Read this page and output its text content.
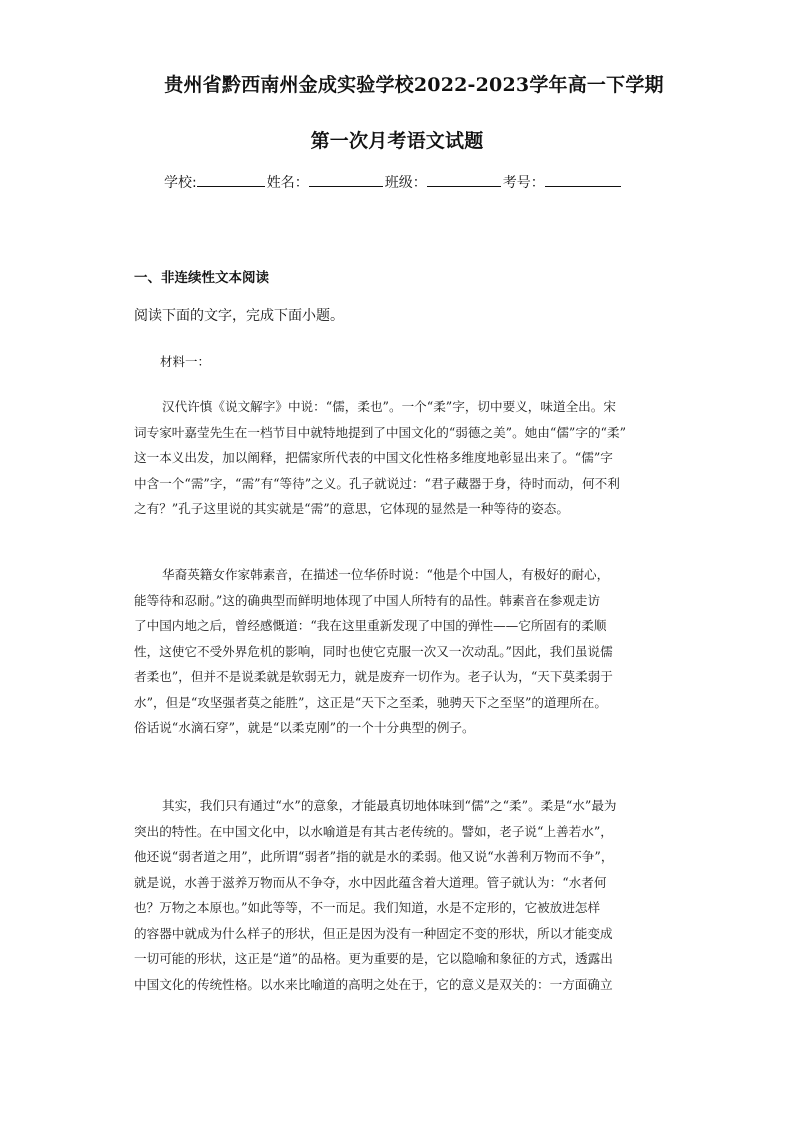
贵州省黔西南州金成实验学校2022-2023学年高一下学期
第一次月考语文试题
学校:	姓名：	班级：	考号：
一、非连续性文本阅读
阅读下面的文字，完成下面小题。
材料一：
汉代许慎《说文解字》中说：“儒，柔也”。一个“柔”字，切中要义，味道全出。宋
词专家叶嘉莹先生在一档节目中就特地提到了中国文化的“弱德之美”。她由“儒”字的“柔”
这一本义出发，加以阐释，把儒家所代表的中国文化性格多维度地彰显出来了。“儒”字
中含一个“需”字，“需”有“等待”之义。孔子就说过：“君子藏器于身，待时而动，何不利
之有？”孔子这里说的其实就是“需”的意思，它体现的显然是一种等待的姿态。
华裔英籍女作家韩素音，在描述一位华侨时说：“他是个中国人，有极好的耐心，
能等待和忍耐。”这的确典型而鲜明地体现了中国人所特有的品性。韩素音在参观走访
了中国内地之后，曾经感慨道：“我在这里重新发现了中国的弹性——它所固有的柔顺
性，这使它不受外界危机的影响，同时也使它克服一次又一次动乱。”因此，我们虽说儒
者柔也”，但并不是说柔就是软弱无力，就是废弃一切作为。老子认为，“天下莫柔弱于
水”，但是“攻坚强者莫之能胜”，这正是“天下之至柔，驰骋天下之至坚”的道理所在。
俗话说“水滴石穿”，就是“以柔克刚”的一个十分典型的例子。
其实，我们只有通过“水”的意象，才能最真切地体味到“儒”之“柔”。柔是“水”最为
突出的特性。在中国文化中，以水喻道是有其古老传统的。譬如，老子说“上善若水”，
他还说“弱者道之用”，此所谓“弱者”指的就是水的柔弱。他又说“水善利万物而不争”，
就是说，水善于滋养万物而从不争夺，水中因此蕴含着大道理。管子就认为：“水者何
也？万物之本原也。”如此等等，不一而足。我们知道，水是不定形的，它被放进怎样
的容器中就成为什么样子的形状，但正是因为没有一种固定不变的形状，所以才能变成
一切可能的形状，这正是“道”的品格。更为重要的是，它以隐喻和象征的方式，透露出
中国文化的传统性格。以水来比喻道的高明之处在于，它的意义是双关的：一方面确立
